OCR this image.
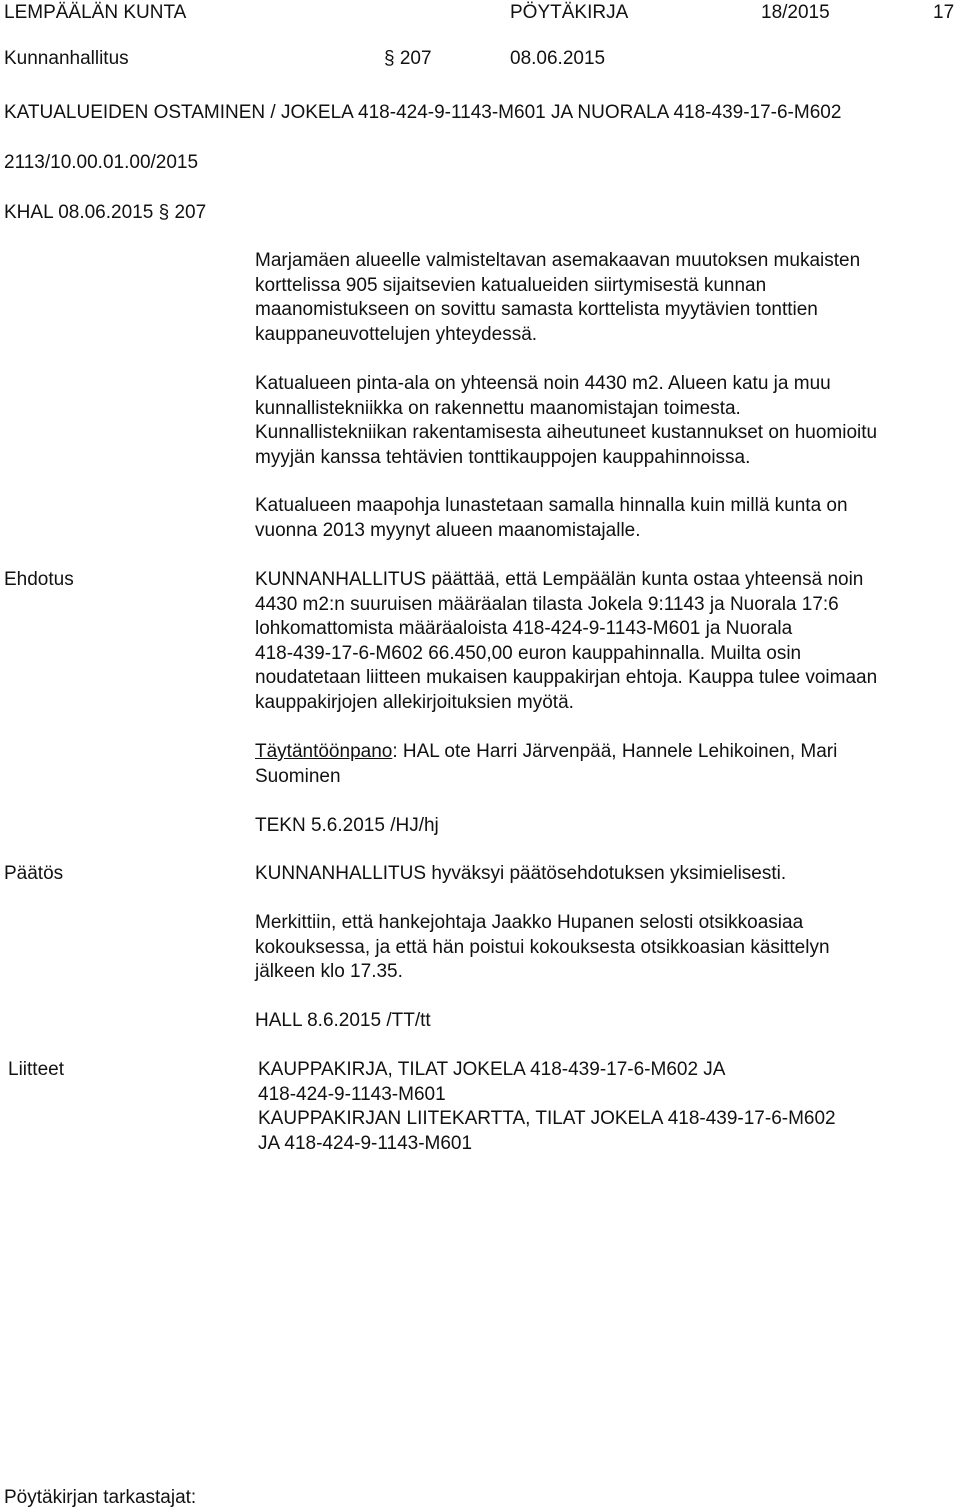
LEMPÄÄLÄN KUNTA	PÖYTÄKIRJA	18/2015	17
Kunnanhallitus	§ 207	08.06.2015
KATUALUEIDEN OSTAMINEN / JOKELA 418-424-9-1143-M601 JA NUORALA 418-439-17-6-M602
2113/10.00.01.00/2015
KHAL 08.06.2015 § 207
Marjamäen alueelle valmisteltavan asemakaavan muutoksen mukaisten
korttelissa 905 sijaitsevien katualueiden siirtymisestä kunnan
maanomistukseen on sovittu samasta korttelista myytävien tonttien
kauppaneuvottelujen yhteydessä.
Katualueen pinta-ala on yhteensä noin 4430 m2. Alueen katu ja muu
kunnallistekniikka on rakennettu maanomistajan toimesta.
Kunnallistekniikan rakentamisesta aiheutuneet kustannukset on huomioitu
myyjän kanssa tehtävien tonttikauppojen kauppahinnoissa.
Katualueen maapohja lunastetaan samalla hinnalla kuin millä kunta on
vuonna 2013 myynyt alueen maanomistajalle.
Ehdotus	KUNNANHALLITUS päättää, että Lempäälän kunta ostaa yhteensä noin
4430 m2:n suuruisen määräalan tilasta Jokela 9:1143 ja Nuorala 17:6
lohkomattomista määräaloista 418-424-9-1143-M601 ja Nuorala
418-439-17-6-M602 66.450,00 euron kauppahinnalla. Muilta osin
noudatetaan liitteen mukaisen kauppakirjan ehtoja. Kauppa tulee voimaan
kauppakirjojen allekirjoituksien myötä.
Täytäntöönpano: HAL ote Harri Järvenpää, Hannele Lehikoinen, Mari
Suominen
TEKN 5.6.2015 /HJ/hj
Päätös	KUNNANHALLITUS hyväksyi päätösehdotuksen yksimielisesti.
Merkittiin, että hankejohtaja Jaakko Hupanen selosti otsikkoasiaa
kokouksessa, ja että hän poistui kokouksesta otsikkoasian käsittelyn
jälkeen klo 17.35.
HALL 8.6.2015 /TT/tt
Liitteet	KAUPPAKIRJA, TILAT JOKELA 418-439-17-6-M602 JA
418-424-9-1143-M601
KAUPPAKIRJAN LIITEKARTTA, TILAT JOKELA 418-439-17-6-M602
JA 418-424-9-1143-M601
Pöytäkirjan tarkastajat:
